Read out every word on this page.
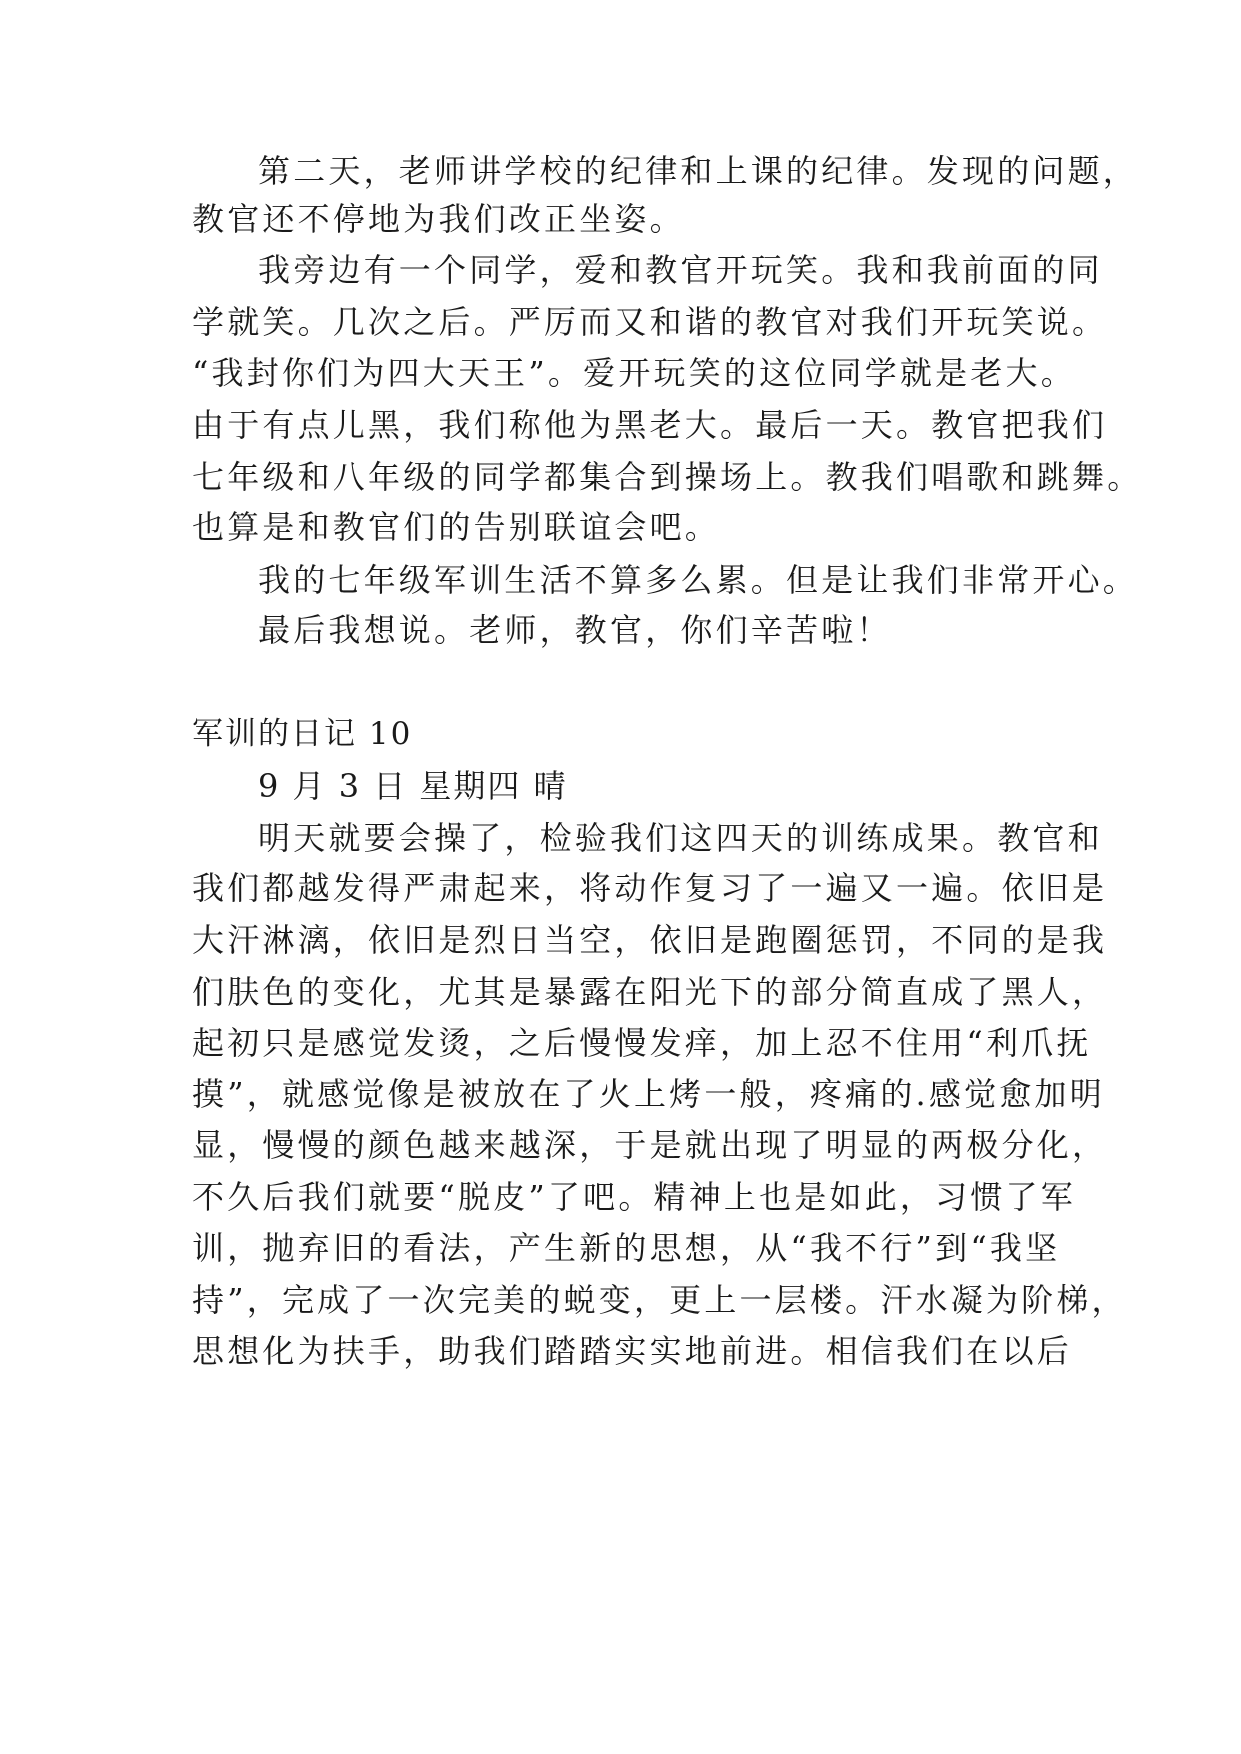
第二天，老师讲学校的纪律和上课的纪律。发现的问题，
教官还不停地为我们改正坐姿。
我旁边有一个同学，爱和教官开玩笑。我和我前面的同
学就笑。几次之后。严厉而又和谐的教官对我们开玩笑说。
“我封你们为四大天王”。爱开玩笑的这位同学就是老大。
由于有点儿黑，我们称他为黑老大。最后一天。教官把我们
七年级和八年级的同学都集合到操场上。教我们唱歌和跳舞。
也算是和教官们的告别联谊会吧。
我的七年级军训生活不算多么累。但是让我们非常开心。
最后我想说。老师，教官，你们辛苦啦！
军训的日记 10
9 月 3 日 星期四 晴
明天就要会操了，检验我们这四天的训练成果。教官和
我们都越发得严肃起来，将动作复习了一遍又一遍。依旧是
大汗淋漓，依旧是烈日当空，依旧是跑圈惩罚，不同的是我
们肤色的变化，尤其是暴露在阳光下的部分简直成了黑人，
起初只是感觉发烫，之后慢慢发痒，加上忍不住用“利爪抚
摸”，就感觉像是被放在了火上烤一般，疼痛的.感觉愈加明
显，慢慢的颜色越来越深，于是就出现了明显的两极分化，
不久后我们就要“脱皮”了吧。精神上也是如此，习惯了军
训，抛弃旧的看法，产生新的思想，从“我不行”到“我坚
持”，完成了一次完美的蜕变，更上一层楼。汗水凝为阶梯，
思想化为扶手，助我们踏踏实实地前进。相信我们在以后
